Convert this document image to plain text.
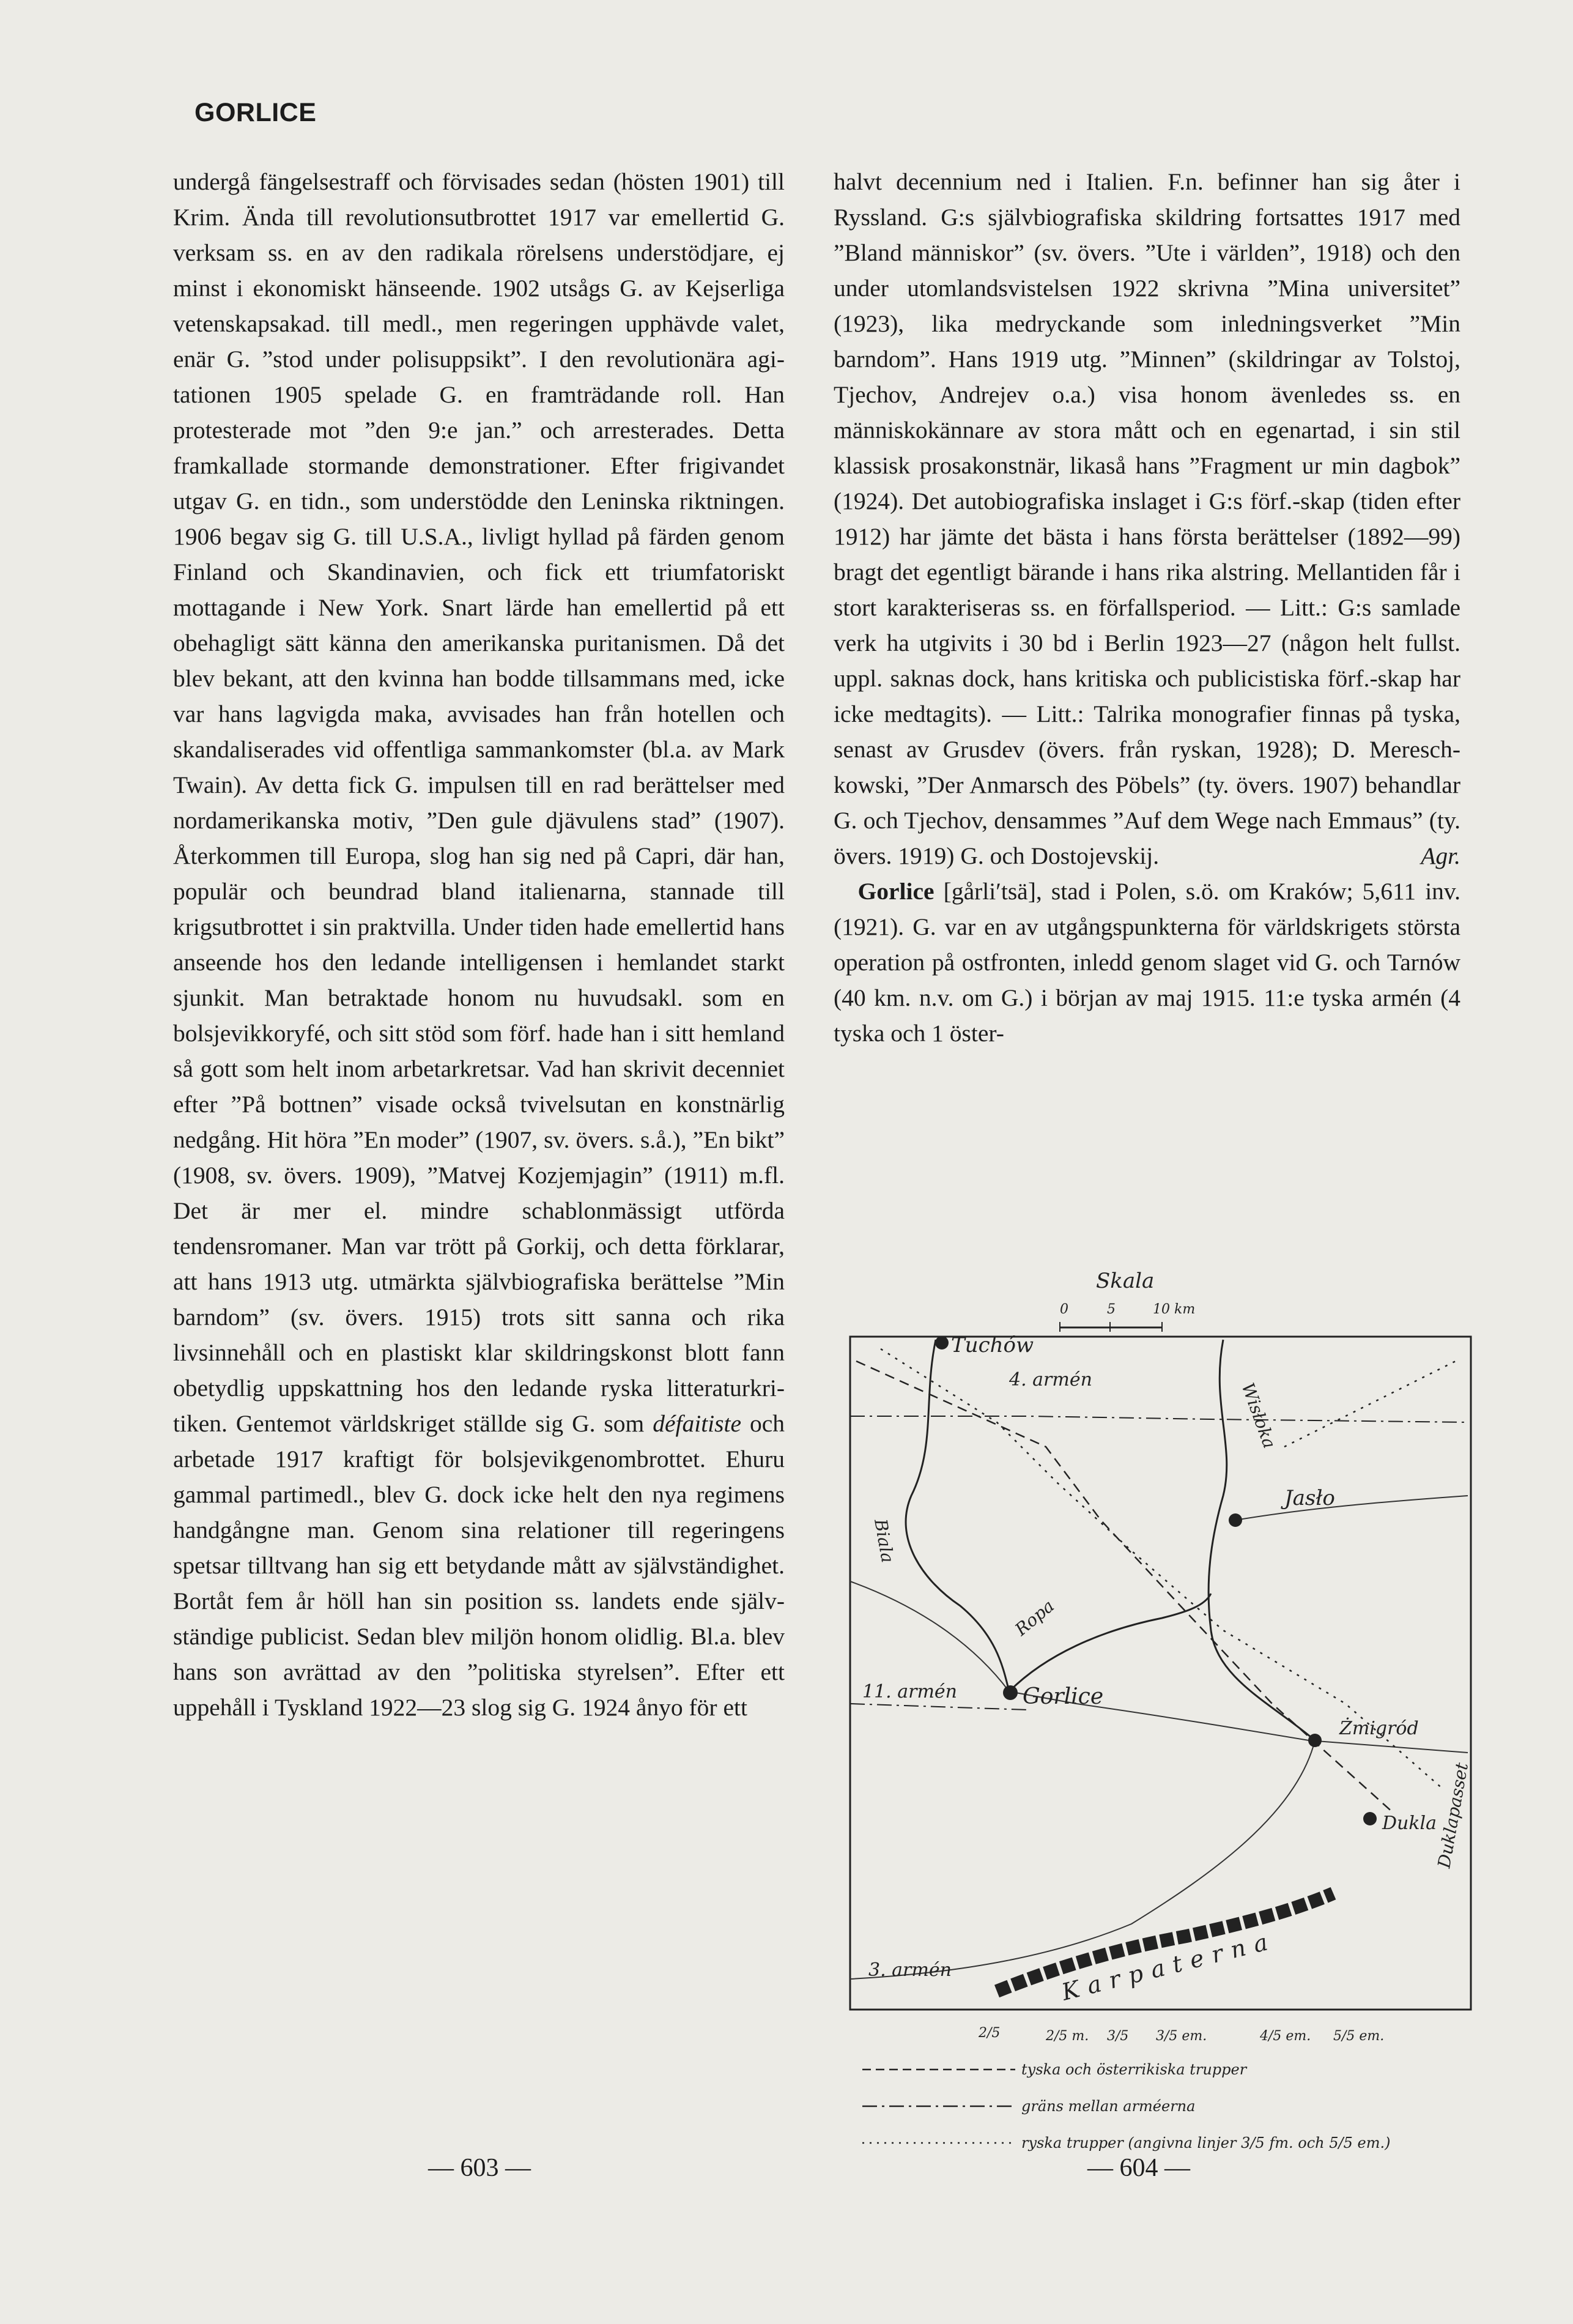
GORLICE

undergå fängelsestraff och förvisades sedan (hösten 1901) till Krim. Ända till revolutionsutbrottet 1917 var emellertid G. verksam ss. en av den radikala rörelsens understödjare, ej minst i ekonomiskt hänseende. 1902 utsågs G. av Kejserliga vetenskapsakad. till medl., men regeringen upphävde valet, enär G. ”stod under polisuppsikt”. I den revolutionära agitationen 1905 spelade G. en framträdande roll. Han protesterade mot ”den 9:e jan.” och arresterades. Detta framkallade stormande demonstrationer. Efter frigivandet utgav G. en tidn., som understödde den Leninska riktningen. 1906 begav sig G. till U.S.A., livligt hyllad på färden genom Finland och Skandinavien, och fick ett triumfatoriskt mottagande i New York. Snart lärde han emellertid på ett obehagligt sätt känna den amerikanska puritanismen. Då det blev bekant, att den kvinna han bodde tillsammans med, icke var hans lagvigda maka, avvisades han från hotellen och skandaliserades vid offentliga sammankomster (bl.a. av Mark Twain). Av detta fick G. impulsen till en rad berättelser med nordamerikanska motiv, ”Den gule djävulens stad” (1907). Återkommen till Europa, slog han sig ned på Capri, där han, populär och beundrad bland italienarna, stannade till krigsutbrottet i sin praktvilla. Under tiden hade emellertid hans anseende hos den ledande intelligensen i hemlandet starkt sjunkit. Man betraktade honom nu huvudsakl. som en bolsjevikkoryfé, och sitt stöd som förf. hade han i sitt hemland så gott som helt inom arbetarkretsar. Vad han skrivit decenniet efter ”På bottnen” visade också tvivelsutan en konstnärlig nedgång. Hit höra ”En moder” (1907, sv. övers. s.å.), ”En bikt” (1908, sv. övers. 1909), ”Matvej Kozjemjagin” (1911) m.fl. Det är mer el. mindre schablonmässigt utförda tendensromaner. Man var trött på Gorkij, och detta förklarar, att hans 1913 utg. utmärkta självbiografiska berättelse ”Min barndom” (sv. övers. 1915) trots sitt sanna och rika livsinnehåll och en plastiskt klar skildringskonst blott fann obetydlig uppskattning hos den ledande ryska litteraturkritiken. Gentemot världskriget ställde sig G. som défaitiste och arbetade 1917 kraftigt för bolsjevikgenombrottet. Ehuru gammal partimedl., blev G. dock icke helt den nya regimens handgångne man. Genom sina relationer till regeringens spetsar tilltvang han sig ett betydande mått av självständighet. Bortåt fem år höll han sin position ss. landets ende självständige publicist. Sedan blev miljön honom olidlig. Bl.a. blev hans son avrättad av den ”politiska styrelsen”. Efter ett uppehåll i Tyskland 1922—23 slog sig G. 1924 ånyo för ett

halvt decennium ned i Italien. F.n. befinner han sig åter i Ryssland. G:s självbiografiska skildring fortsattes 1917 med ”Bland människor” (sv. övers. ”Ute i världen”, 1918) och den under utomlandsvistelsen 1922 skrivna ”Mina universitet” (1923), lika medryckande som inledningsverket ”Min barndom”. Hans 1919 utg. ”Minnen” (skildringar av Tolstoj, Tjechov, Andrejev o.a.) visa honom ävenledes ss. en människokännare av stora mått och en egenartad, i sin stil klassisk prosakonstnär, likaså hans ”Fragment ur min dagbok” (1924). Det autobiografiska inslaget i G:s förf.-skap (tiden efter 1912) har jämte det bästa i hans första berättelser (1892—99) bragt det egentligt bärande i hans rika alstring. Mellantiden får i stort karakteriseras ss. en förfallsperiod. — Litt.: G:s samlade verk ha utgivits i 30 bd i Berlin 1923—27 (någon helt fullst. uppl. saknas dock, hans kritiska och publicistiska förf.-skap har icke medtagits). — Litt.: Talrika monografier finnas på tyska, senast av Grusdev (övers. från ryskan, 1928); D. Mereschkowski, ”Der Anmarsch des Pöbels” (ty. övers. 1907) behandlar G. och Tjechov, densammes ”Auf dem Wege nach Emmaus” (ty. övers. 1919) G. och Dostojevskij.	Agr.

 Gorlice [gårli′tsä], stad i Polen, s.ö. om Kraków; 5,611 inv. (1921). G. var en av utgångspunkterna för världskrigets största operation på ostfronten, inledd genom slaget vid G. och Tarnów (40 km. n.v. om G.) i början av maj 1915. 11:e tyska armén (4 tyska och 1 öster-

Skala
0	5	10 km
Tuchów
Jasło
Gorlice
Żmigród
Dukla
4. armén
11. armén
3. armén
Wisłoka
Biala
Ropa
Duklapasset
Karpaterna
2/5	2/5 m. 3/5 3/5 em.	4/5 em. 5/5 em.
tyska och österrikiska trupper
gräns mellan arméerna
ryska trupper (angivna linjer 3/5 fm. och 5/5 em.)
— 603 —	— 604 —
